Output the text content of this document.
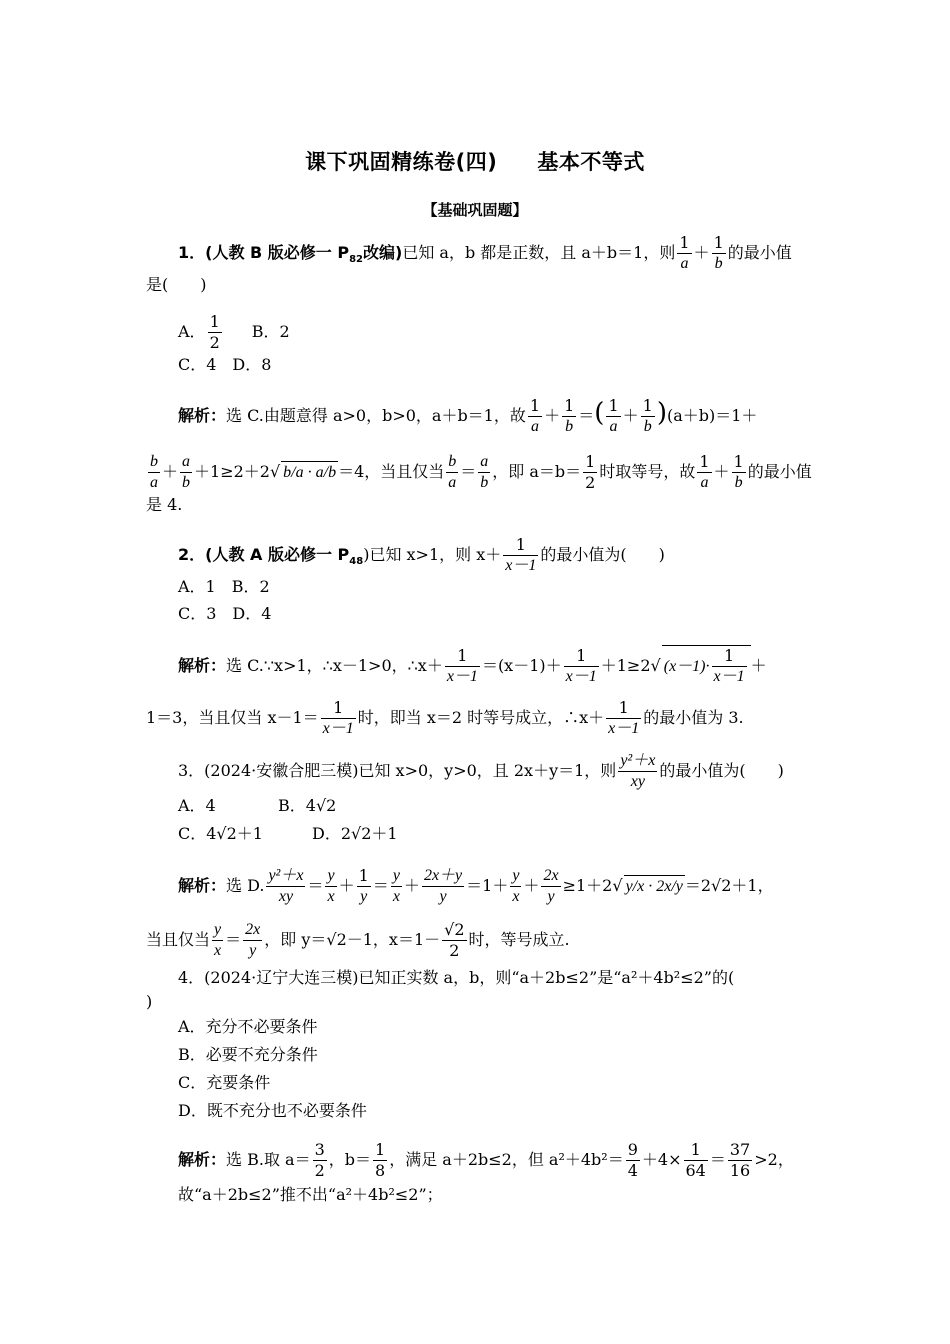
课下巩固精练卷(四) 基本不等式
【基础巩固题】
1．(人教 B 版必修一 $P_{82}$改编)已知 a，b 都是正数，且 a＋b＝1，则 $\frac{1}{a} + \frac{1}{b}$ 的最小值
是(　　)
A． $\frac{1}{2}$ B．2
C．4　D．8
解析：选 C.由题意得 a>0，b>0，a＋b＝1，故 $\frac{1}{a} + \frac{1}{b}$ ＝( $\frac{1}{a} + \frac{1}{b} )(a+b)=1+$
$\frac{b}{a} + \frac{a}{b} +1\ge 2+2√$ b/a · a/b ＝4，当且仅当 $\frac{b}{a} = \frac{a}{b}$ ，即 $a=b= \frac{1}{2}$ 时取等号，故 $\frac{1}{a} + \frac{1}{b}$ 的最小值
是 4.
2．(人教 A 版必修一 $P_{48}$)已知 x>1，则 $x+ \frac{1}{x-1}$ 的最小值为(　　)
A．1　B．2
C．3　D．4
解析：选 C.∵x>1，∴x－1>0，∴x＋ $\frac{1}{x-1} =(x-1)+ \frac{1}{x-1} +1\ge 2√$ $(x-1)\cdot \frac{1}{x-1}$ ＋
1＝3，当且仅当 $x-1= \frac{1}{x-1}$ 时，即当 x＝2 时等号成立，∴x＋ $\frac{1}{x-1}$ 的最小值为 3.
3．(2024·安徽合肥三模)已知 x>0，y>0，且 2x＋y＝1，则 $\frac{\text{y²＋x}}{xy}$ 的最小值为(　　)
A．4	B．4√2
C．4√2＋1	D．2√2＋1
解析：选 D. $\frac{\text{y²＋x}}{xy} = \frac{y}{x} + \frac{1}{y} = \frac{y}{x} + \frac{2x+y}{y} =1+ \frac{y}{x} + \frac{2x}{y} \ge 1+2√$ y/x · 2x/y ＝2√2＋1，
当且仅当 $\frac{y}{x} = \frac{2x}{y}$ ，即 y＝√2－1，$x=1- \frac{√2}{2}$ 时，等号成立.
4．(2024·辽宁大连三模)已知正实数 a，b，则“a＋2b≤2”是“a²＋4b²≤2”的(
)
A．充分不必要条件
B．必要不充分条件
C．充要条件
D．既不充分也不必要条件
解析：选 B.取 $a= \frac{3}{2}$ ，$b= \frac{1}{8}$ ，满足 a＋2b≤2，但 $a^2+4b^2= \frac{9}{4} +4\times \frac{1}{64} = \frac{37}{16} >2$，
故“a＋2b≤2”推不出“a²＋4b²≤2”；
